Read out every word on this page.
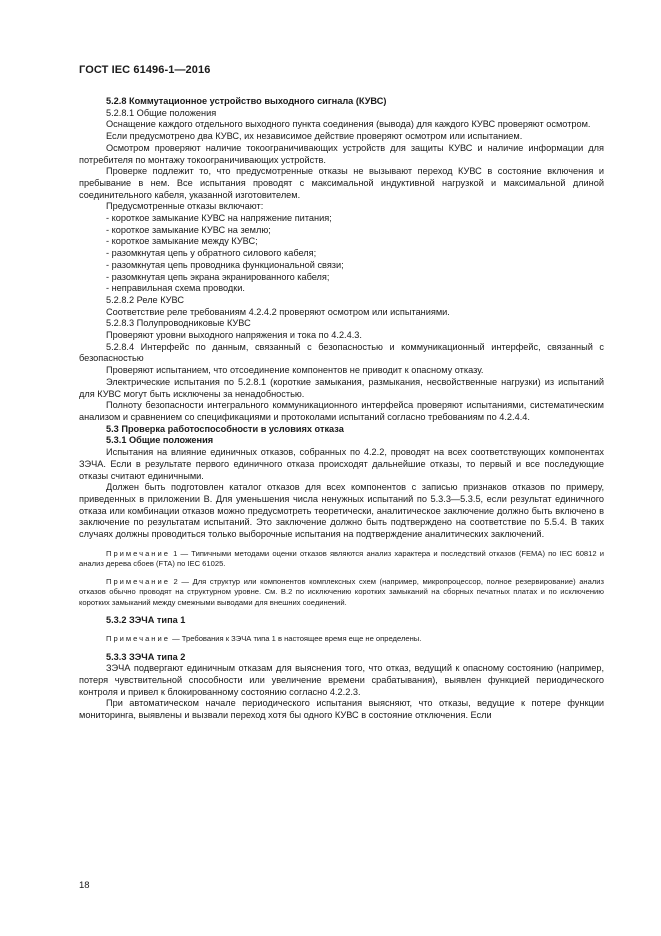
ГОСТ IEC 61496-1—2016

5.2.8 Коммутационное устройство выходного сигнала (КУВС)

5.2.8.1 Общие положения

Оснащение каждого отдельного выходного пункта соединения (вывода) для каждого КУВС проверяют осмотром.

Если предусмотрено два КУВС, их независимое действие проверяют осмотром или испытанием.

Осмотром проверяют наличие токоограничивающих устройств для защиты КУВС и наличие информации для потребителя по монтажу токоограничивающих устройств.

Проверке подлежит то, что предусмотренные отказы не вызывают переход КУВС в состояние включения и пребывание в нем. Все испытания проводят с максимальной индуктивной нагрузкой и максимальной длиной соединительного кабеля, указанной изготовителем.

Предусмотренные отказы включают:

- короткое замыкание КУВС на напряжение питания;

- короткое замыкание КУВС на землю;

- короткое замыкание между КУВС;

- разомкнутая цепь у обратного силового кабеля;

- разомкнутая цепь проводника функциональной связи;

- разомкнутая цепь экрана экранированного кабеля;

- неправильная схема проводки.

5.2.8.2 Реле КУВС

Соответствие реле требованиям 4.2.4.2 проверяют осмотром или испытаниями.

5.2.8.3 Полупроводниковые КУВС

Проверяют уровни выходного напряжения и тока по 4.2.4.3.

5.2.8.4 Интерфейс по данным, связанный с безопасностью и коммуникационный интерфейс, связанный с безопасностью

Проверяют испытанием, что отсоединение компонентов не приводит к опасному отказу.

Электрические испытания по 5.2.8.1 (короткие замыкания, размыкания, несвойственные нагрузки) из испытаний для КУВС могут быть исключены за ненадобностью.

Полноту безопасности интегрального коммуникационного интерфейса проверяют испытаниями, систематическим анализом и сравнением со спецификациями и протоколами испытаний согласно требованиям по 4.2.4.4.

5.3 Проверка работоспособности в условиях отказа

5.3.1 Общие положения

Испытания на влияние единичных отказов, собранных по 4.2.2, проводят на всех соответствующих компонентах ЗЭЧА. Если в результате первого единичного отказа происходят дальнейшие отказы, то первый и все последующие отказы считают единичными.

Должен быть подготовлен каталог отказов для всех компонентов с записью признаков отказов по примеру, приведенных в приложении B. Для уменьшения числа ненужных испытаний по 5.3.3—5.3.5, если результат единичного отказа или комбинации отказов можно предусмотреть теоретически, аналитическое заключение должно быть включено в заключение по результатам испытаний. Это заключение должно быть подтверждено на соответствие по 5.5.4. В таких случаях должны проводиться только выборочные испытания на подтверждение аналитических заключений.

Примечание 1 — Типичными методами оценки отказов являются анализ характера и последствий отказов (FEMA) по IEC 60812 и анализ дерева сбоев (FTA) по IEC 61025.

Примечание 2 — Для структур или компонентов комплексных схем (например, микропроцессор, полное резервирование) анализ отказов обычно проводят на структурном уровне. См. В.2 по исключению коротких замыканий на сборных печатных платах и по исключению коротких замыканий между смежными выводами для внешних соединений.

5.3.2 ЗЭЧА типа 1

Примечание — Требования к ЗЭЧА типа 1 в настоящее время еще не определены.

5.3.3 ЗЭЧА типа 2

ЗЭЧА подвергают единичным отказам для выяснения того, что отказ, ведущий к опасному состоянию (например, потеря чувствительной способности или увеличение времени срабатывания), выявлен функцией периодического контроля и привел к блокированному состоянию согласно 4.2.2.3.

При автоматическом начале периодического испытания выясняют, что отказы, ведущие к потере функции мониторинга, выявлены и вызвали переход хотя бы одного КУВС в состояние отключения. Если

18
